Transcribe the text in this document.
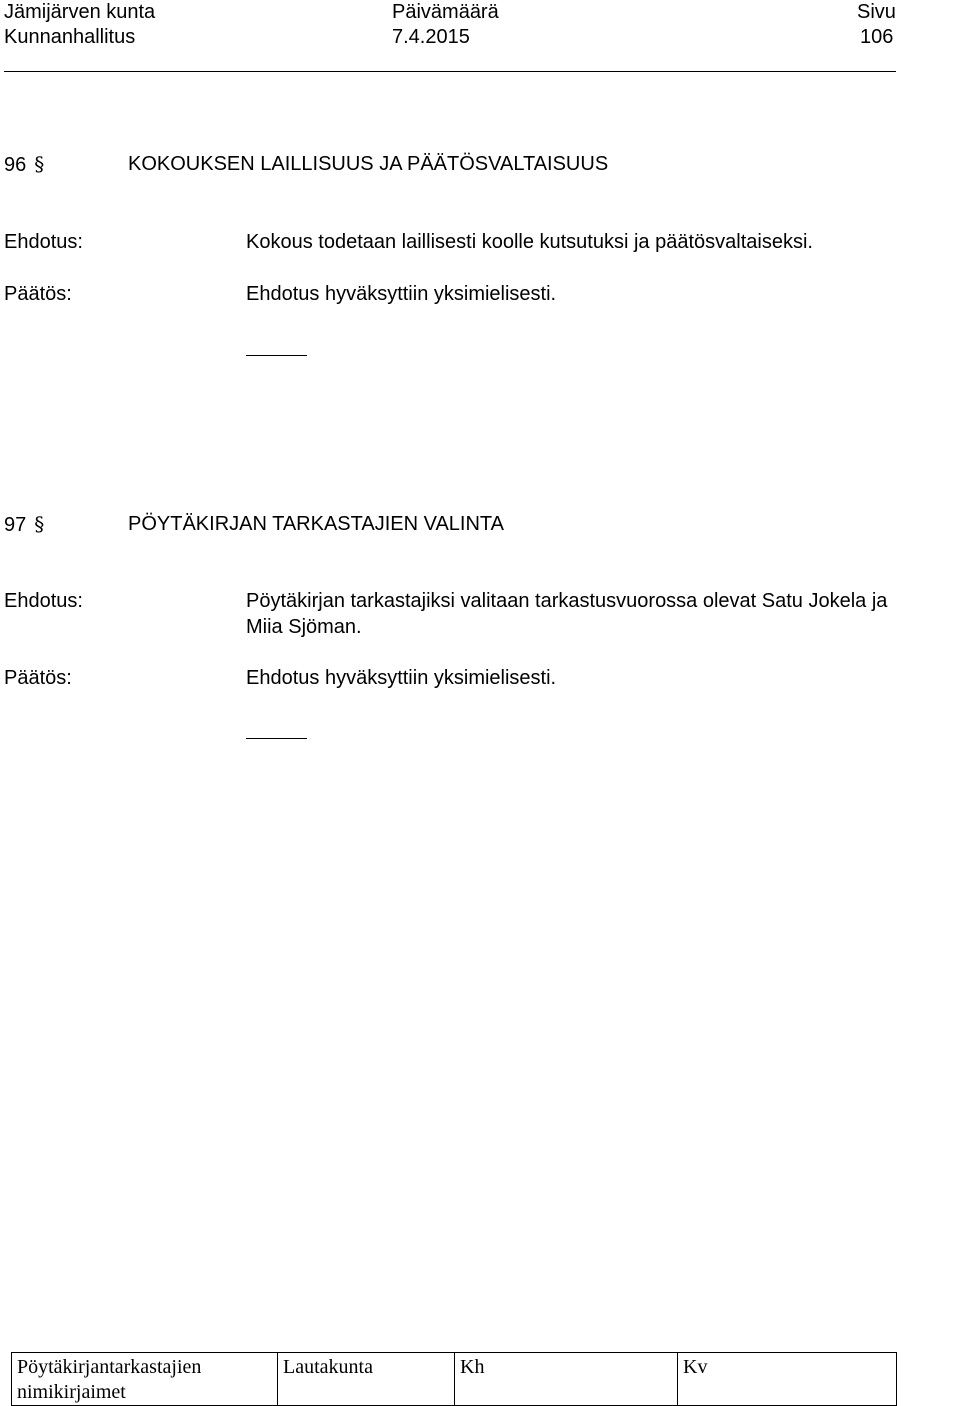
Jämijärven kunta
Kunnanhallitus
Päivämäärä
7.4.2015
Sivu
106
96 §	KOKOUKSEN LAILLISUUS JA PÄÄTÖSVALTAISUUS
Ehdotus:	Kokous todetaan laillisesti koolle kutsutuksi ja päätösvaltaiseksi.
Päätös:	Ehdotus hyväksyttiin yksimielisesti.
97 §	PÖYTÄKIRJAN TARKASTAJIEN VALINTA
Ehdotus:	Pöytäkirjan tarkastajiksi valitaan tarkastusvuorossa olevat Satu Jokela ja
Miia Sjöman.
Päätös:	Ehdotus hyväksyttiin yksimielisesti.
Pöytäkirjantarkastajien
nimikirjaimet
	Lautakunta	Kh	Kv
